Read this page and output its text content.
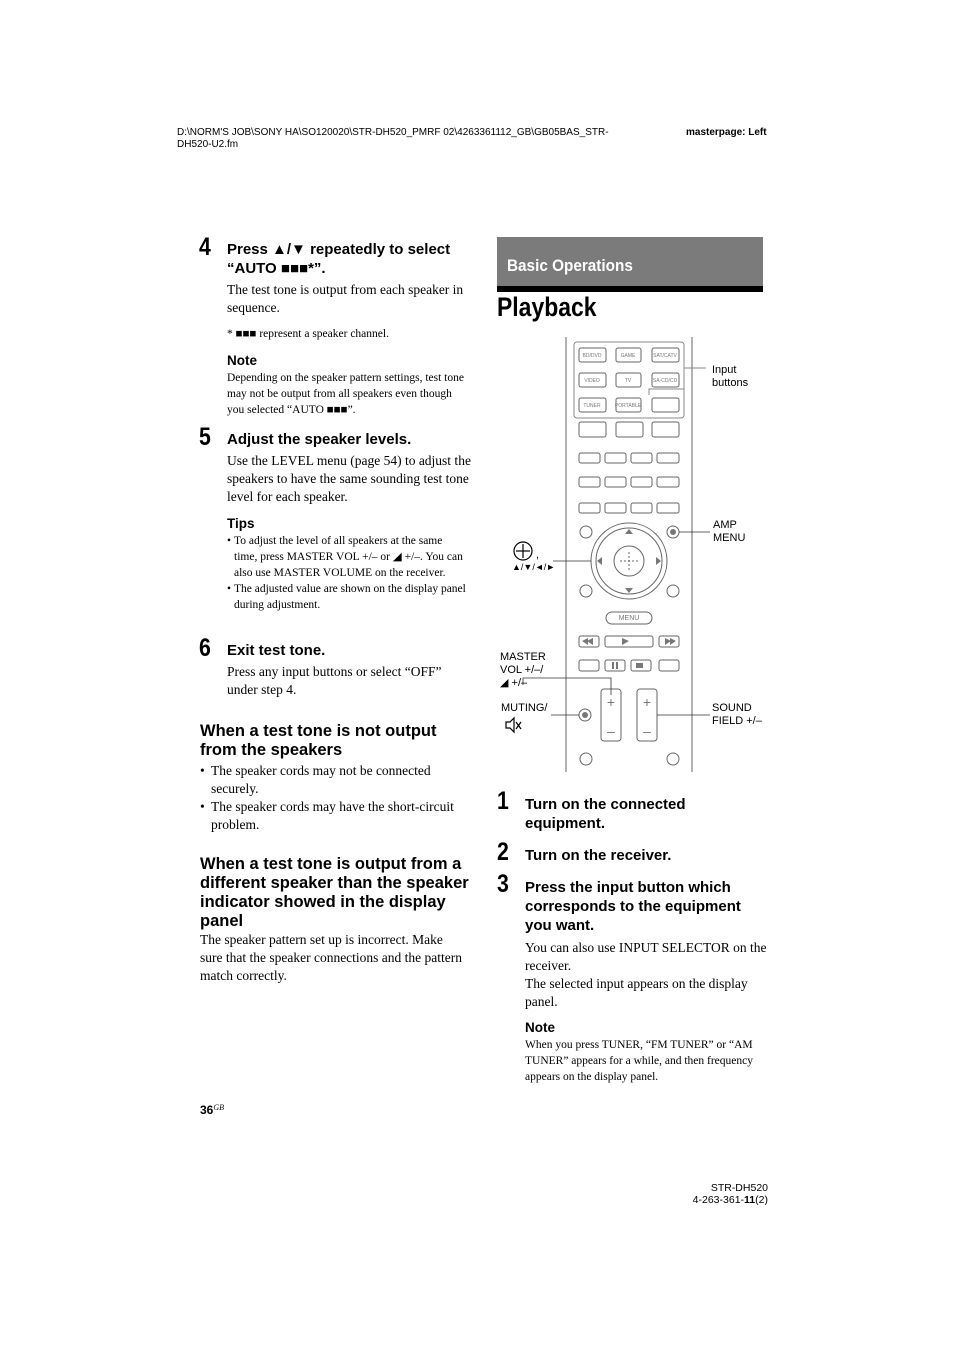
D:\NORM'S JOB\SONY HA\SO120020\STR-DH520_PMRF 02\4263361112_GB\GB05BAS_STR-
DH520-U2.fm
masterpage: Left
4 Press ▲/▼ repeatedly to select
“AUTO ■■■*”.
The test tone is output from each speaker in sequence.
* ■■■ represent a speaker channel.
Note
Depending on the speaker pattern settings, test tone may not be output from all speakers even though you selected “AUTO ■■■”.
5 Adjust the speaker levels.
Use the LEVEL menu (page 54) to adjust the speakers to have the same sounding test tone level for each speaker.
Tips
• To adjust the level of all speakers at the same time, press MASTER VOL +/– or ◢ +/–. You can also use MASTER VOLUME on the receiver.
• The adjusted value are shown on the display panel during adjustment.
6 Exit test tone.
Press any input buttons or select “OFF” under step 4.
When a test tone is not output from the speakers
• The speaker cords may not be connected securely.
• The speaker cords may have the short-circuit problem.
When a test tone is output from a different speaker than the speaker indicator showed in the display panel
The speaker pattern set up is incorrect. Make sure that the speaker connections and the pattern match correctly.
$36^{GB}$
Basic Operations
Playback
BD/DVD	GAME	SAT/CATV
VIDEO	TV	SA-CD/CD
TUNER	PORTABLE
MENU
+
–
+
–
Input
buttons
AMP
MENU
,
▲/▼/◄/►
MASTER
VOL +/–/
◢ +/–
MUTING/	SOUND
FIELD +/–
1 Turn on the connected equipment.
2 Turn on the receiver.
3 Press the input button which corresponds to the equipment you want.
You can also use INPUT SELECTOR on the receiver.
The selected input appears on the display panel.
Note
When you press TUNER, “FM TUNER” or “AM TUNER” appears for a while, and then frequency appears on the display panel.
STR-DH520
4-263-361-11(2)
